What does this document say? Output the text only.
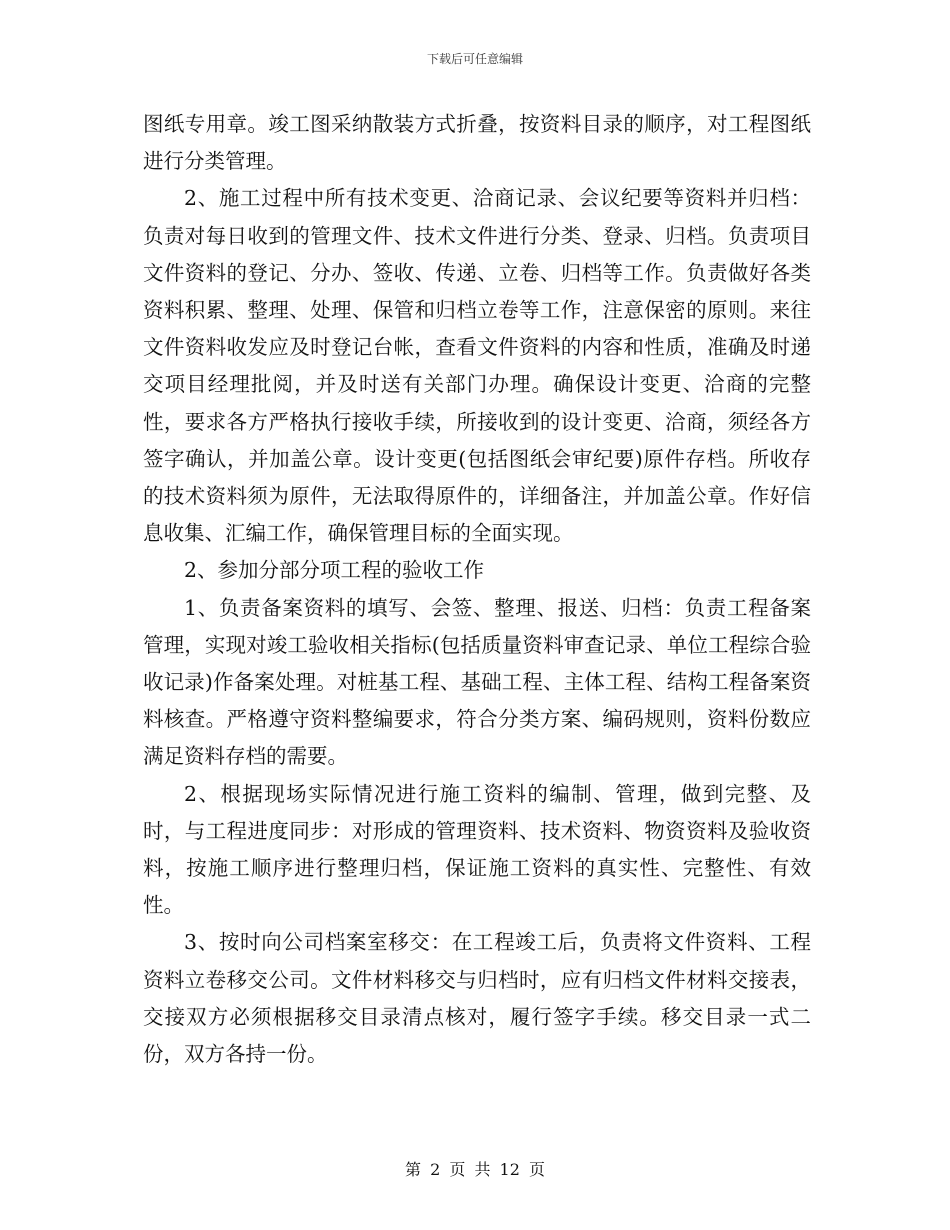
下载后可任意编辑

图纸专用章。竣工图采纳散装方式折叠，按资料目录的顺序，对工程图纸进行分类管理。

2、施工过程中所有技术变更、洽商记录、会议纪要等资料并归档：负责对每日收到的管理文件、技术文件进行分类、登录、归档。负责项目文件资料的登记、分办、签收、传递、立卷、归档等工作。负责做好各类资料积累、整理、处理、保管和归档立卷等工作，注意保密的原则。来往文件资料收发应及时登记台帐，查看文件资料的内容和性质，准确及时递交项目经理批阅，并及时送有关部门办理。确保设计变更、洽商的完整性，要求各方严格执行接收手续，所接收到的设计变更、洽商，须经各方签字确认，并加盖公章。设计变更(包括图纸会审纪要)原件存档。所收存的技术资料须为原件，无法取得原件的，详细备注，并加盖公章。作好信息收集、汇编工作，确保管理目标的全面实现。

2、参加分部分项工程的验收工作

1、负责备案资料的填写、会签、整理、报送、归档：负责工程备案管理，实现对竣工验收相关指标(包括质量资料审查记录、单位工程综合验收记录)作备案处理。对桩基工程、基础工程、主体工程、结构工程备案资料核查。严格遵守资料整编要求，符合分类方案、编码规则，资料份数应满足资料存档的需要。

2、根据现场实际情况进行施工资料的编制、管理，做到完整、及时，与工程进度同步：对形成的管理资料、技术资料、物资资料及验收资料，按施工顺序进行整理归档，保证施工资料的真实性、完整性、有效性。

3、按时向公司档案室移交：在工程竣工后，负责将文件资料、工程资料立卷移交公司。文件材料移交与归档时，应有归档文件材料交接表，交接双方必须根据移交目录清点核对，履行签字手续。移交目录一式二份，双方各持一份。

第 2 页 共 12 页
